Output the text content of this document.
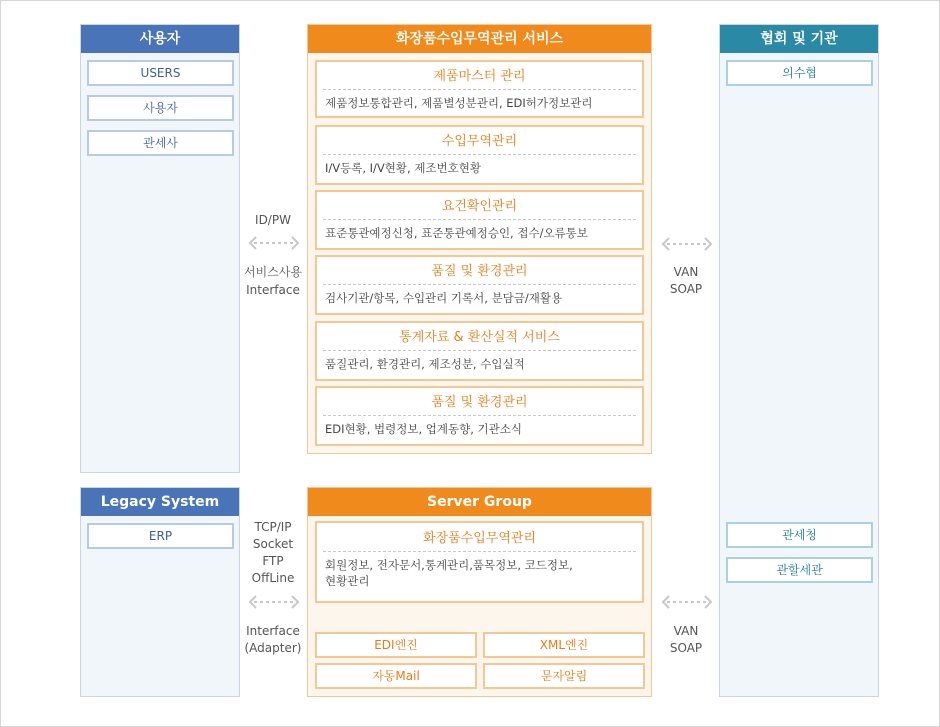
사용자
USERS
사용자
관세사
화장품수입무역관리 서비스
제품마스터 관리
제품정보통합관리, 제품별성분관리, EDI허가정보관리
수입무역관리
I/V등록, I/V현황, 제조번호현황
요건확인관리
표준통관예정신청, 표준통관예정승인, 접수/오류통보
품질 및 환경관리
검사기관/항목, 수입관리 기록서, 분담금/재활용
통계자료 & 환산실적 서비스
품질관리, 환경관리, 제조성분, 수입실적
품질 및 환경관리
EDI현황, 법령정보, 업계동향, 기관소식
협회 및 기관
의수협
관세청
관할세관
Legacy System
ERP
Server Group
화장품수입무역관리
회원정보, 전자문서,통계관리,품목정보, 코드정보,
현황관리
EDI엔진	XML엔진
자동Mail	문자알림
ID/PW
서비스사용
Interface
VAN
SOAP
TCP/IP
Socket
FTP
OffLine
Interface
(Adapter)
VAN
SOAP
